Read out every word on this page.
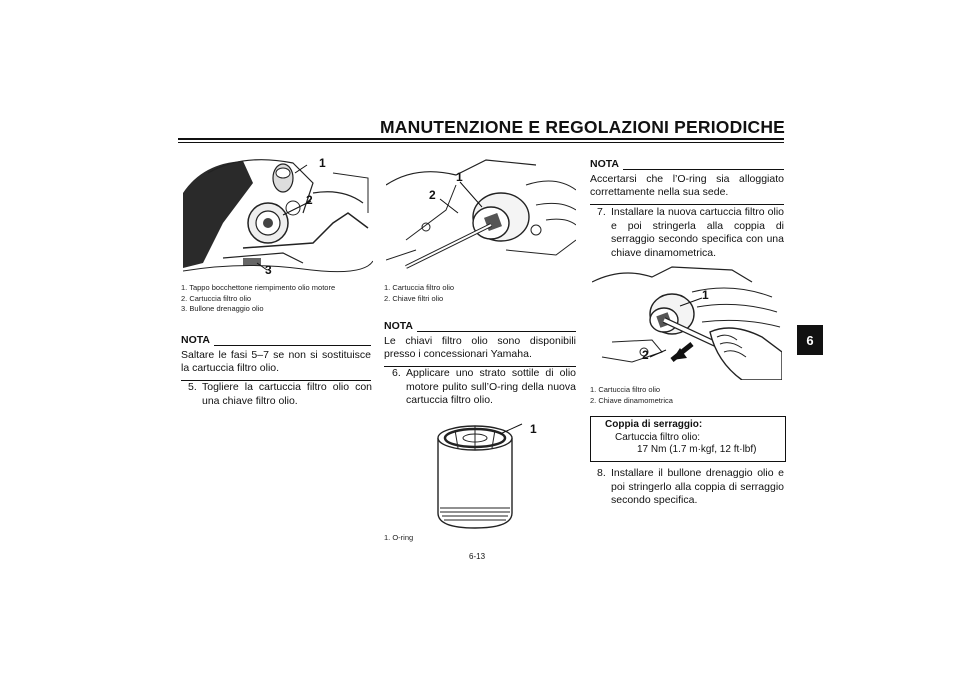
MANUTENZIONE E REGOLAZIONI PERIODICHE
6
1
2
3
1. Tappo bocchettone riempimento olio motore
2. Cartuccia filtro olio
3. Bullone drenaggio olio
NOTA
Saltare le fasi 5–7 se non si sostituisce la cartuccia filtro olio.
5. Togliere la cartuccia filtro olio con una chiave filtro olio.
1
2
1. Cartuccia filtro olio
2. Chiave filtri olio
NOTA
Le chiavi filtro olio sono disponibili presso i concessionari Yamaha.
6. Applicare uno strato sottile di olio motore pulito sull’O-ring della nuova cartuccia filtro olio.
1
1. O-ring
NOTA
Accertarsi che l’O-ring sia alloggiato correttamente nella sua sede.
7. Installare la nuova cartuccia filtro olio e poi stringerla alla coppia di serraggio secondo specifica con una chiave dinamometrica.
1
2
1. Cartuccia filtro olio
2. Chiave dinamometrica
Coppia di serraggio:
Cartuccia filtro olio:
17 Nm (1.7 m·kgf, 12 ft·lbf)
8. Installare il bullone drenaggio olio e poi stringerlo alla coppia di serraggio secondo specifica.
6-13
